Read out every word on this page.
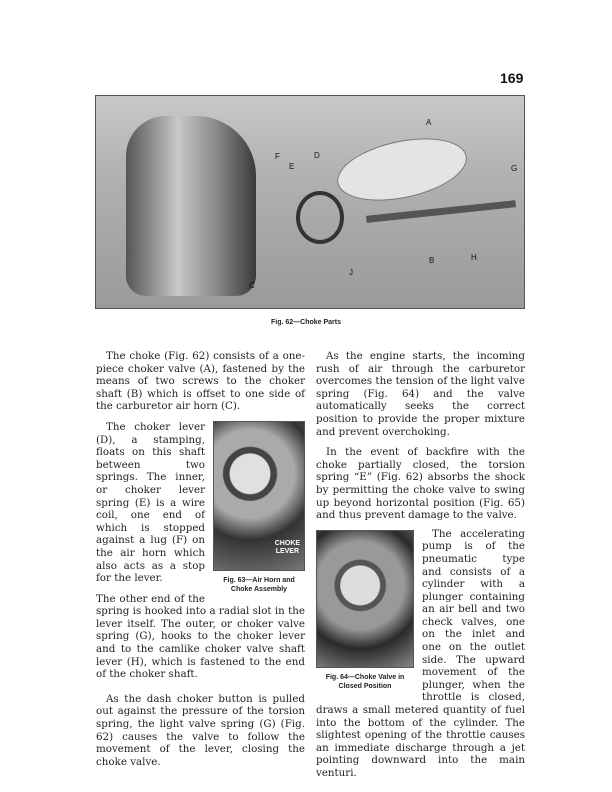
169
A
B
C
D
E
F
G
H
J
Fig. 62—Choke Parts

The choke (Fig. 62) consists of a one-piece choker valve (A), fastened by the means of two screws to the choker shaft (B) which is offset to one side of the carburetor air horn (C).

CHOKE
LEVER
Fig. 63—Air Horn and Choke Assembly

The choker lever (D), a stamping, floats on this shaft between two springs. The inner, or choker lever spring (E) is a wire coil, one end of which is stopped against a lug (F) on the air horn which also acts as a stop for the lever.

The other end of the spring is hooked into a radial slot in the lever itself. The outer, or choker valve spring (G), hooks to the choker lever and to the camlike choker valve shaft lever (H), which is fastened to the end of the choker shaft.

As the dash choker button is pulled out against the pressure of the torsion spring, the light valve spring (G) (Fig. 62) causes the valve to follow the movement of the lever, closing the choke valve.

As the engine starts, the incoming rush of air through the carburetor overcomes the tension of the light valve spring (Fig. 64) and the valve automatically seeks the correct position to provide the proper mixture and prevent overchoking.

In the event of backfire with the choke partially closed, the torsion spring “E” (Fig. 62) absorbs the shock by permitting the choke valve to swing up beyond horizontal position (Fig. 65) and thus prevent damage to the valve.

Fig. 64—Choke Valve in Closed Position

The accelerating pump is of the pneumatic type and consists of a cylinder with a plunger containing an air bell and two check valves, one on the inlet and one on the outlet side. The upward movement of the plunger, when the throttle is closed, draws a small metered quantity of fuel into the bottom of the cylinder. The slightest opening of the throttle causes an immediate discharge through a jet pointing downward into the main venturi.
